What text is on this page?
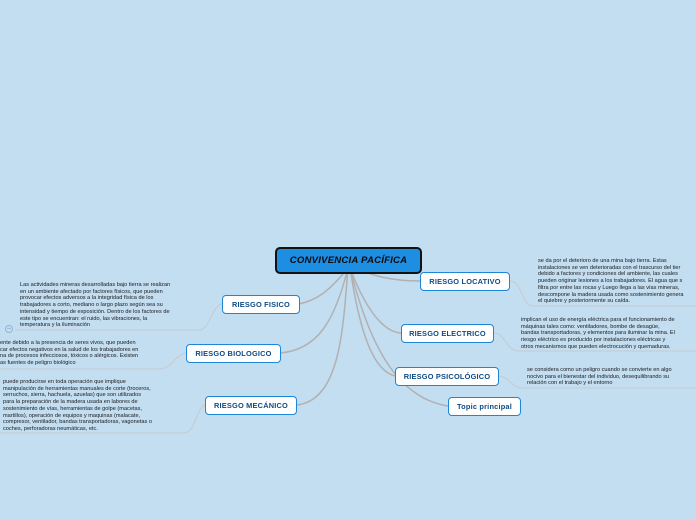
CONVIVENCIA PACÍFICA
RIESGO FISICO
RIESGO BIOLOGICO
RIESGO MECÁNICO
RIESGO LOCATIVO
RIESGO ELECTRICO
RIESGO PSICOLÓGICO
Topic principal
−
Las actividades mineras desarrolladas bajo tierra se realizan
en un ambiente afectado por factores físicos, que pueden
provocar efectos adversos a la integridad física de los
trabajadores a corto, mediano o largo plazo según sea su
intensidad y tiempo de exposición. Dentro de los factores de
este tipo se encuentran: el ruido, las vibraciones, la
temperatura y la iluminación
ente debido a la presencia de seres vivos, que pueden
car efectos negativos en la salud de los trabajadores en
na de procesos infecciosos, tóxicos o alérgicos. Existen
as fuentes de peligro biológico
puede producirse en toda operación que implique
manipulación de herramientas manuales de corte (troceros,
serruchos, sierra, hachuela, azuelas) que son utilizados
para la preparación de la madera usada en labores de
sostenimiento de vías, herramientas de golpe (macetas,
martillos), operación de equipos y maquinas (malacate,
compresor, ventilador, bandas transportadoras, vagonetas o
coches, perforadoras neumáticas, etc.
se da por el deterioro de una mina bajo tierra. Estas
instalaciones se ven deterioradas con el trascurso del tier
debido a factores y condiciones del ambiente, las cuales
pueden originar lesiones a los trabajadores. El agua que s
filtra por entre las rocas y Luego llega a las vías mineras,
descompone la madera usada como sostenimiento genera
el quiebre y posteriormente su caída.
implican el uso de energía eléctrica para el funcionamiento de
máquinas tales como: ventiladores, bombe de desagüe,
bandas transportadoras, y elementos para iluminar la mina. El
riesgo eléctrico es producido por instalaciones eléctricas y
otros mecanismos que pueden electrocución y quemaduras.
se considera como un peligro cuando se convierte en algo
nocivo para el bienestar del individuo, desequilibrando su
relación con el trabajo y el entorno
